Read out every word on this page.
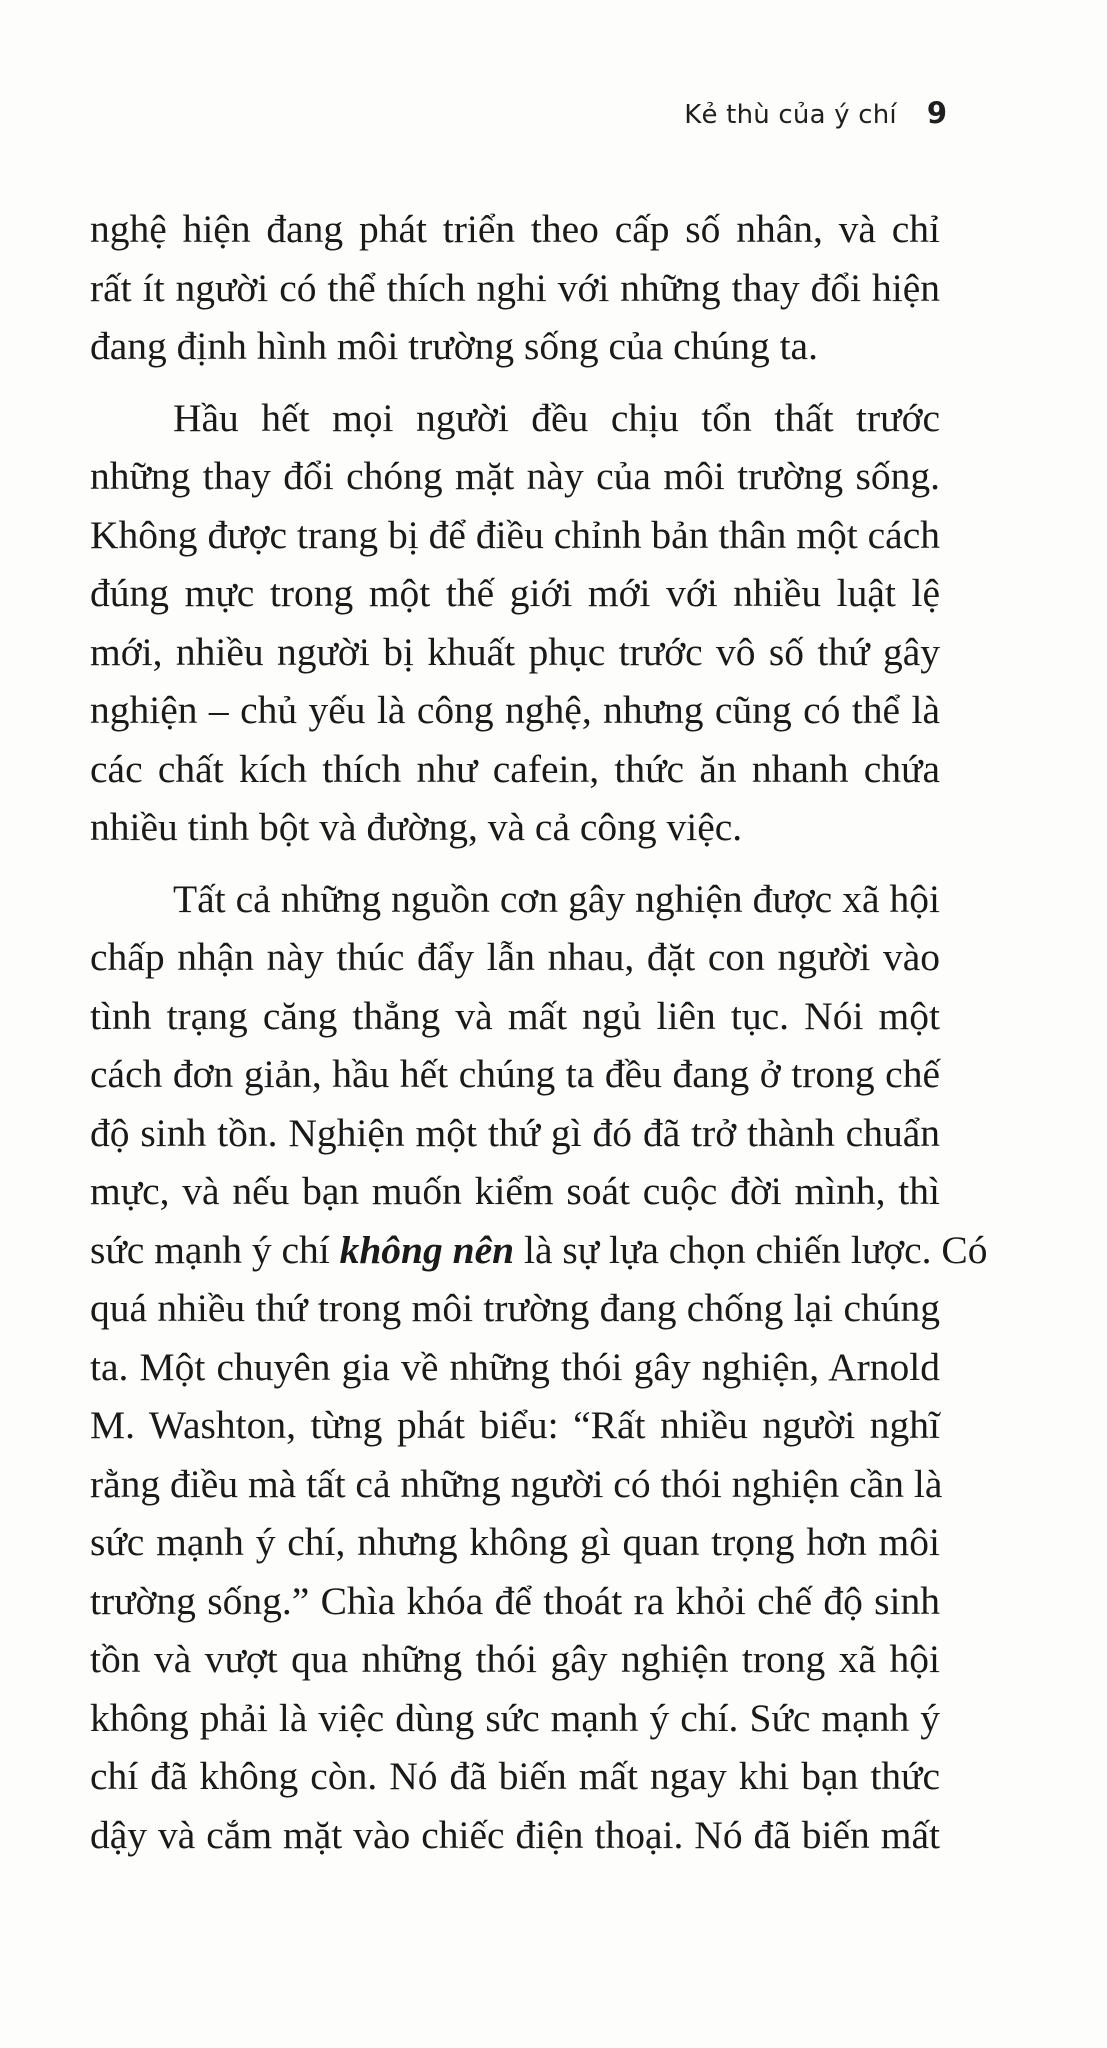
Kẻ thù của ý chí 9
nghệ hiện đang phát triển theo cấp số nhân, và chỉ
rất ít người có thể thích nghi với những thay đổi hiện
đang định hình môi trường sống của chúng ta.
Hầu hết mọi người đều chịu tổn thất trước
những thay đổi chóng mặt này của môi trường sống.
Không được trang bị để điều chỉnh bản thân một cách
đúng mực trong một thế giới mới với nhiều luật lệ
mới, nhiều người bị khuất phục trước vô số thứ gây
nghiện – chủ yếu là công nghệ, nhưng cũng có thể là
các chất kích thích như cafein, thức ăn nhanh chứa
nhiều tinh bột và đường, và cả công việc.
Tất cả những nguồn cơn gây nghiện được xã hội
chấp nhận này thúc đẩy lẫn nhau, đặt con người vào
tình trạng căng thẳng và mất ngủ liên tục. Nói một
cách đơn giản, hầu hết chúng ta đều đang ở trong chế
độ sinh tồn. Nghiện một thứ gì đó đã trở thành chuẩn
mực, và nếu bạn muốn kiểm soát cuộc đời mình, thì
sức mạnh ý chí không nên là sự lựa chọn chiến lược. Có
quá nhiều thứ trong môi trường đang chống lại chúng
ta. Một chuyên gia về những thói gây nghiện, Arnold
M. Washton, từng phát biểu: “Rất nhiều người nghĩ
rằng điều mà tất cả những người có thói nghiện cần là
sức mạnh ý chí, nhưng không gì quan trọng hơn môi
trường sống.” Chìa khóa để thoát ra khỏi chế độ sinh
tồn và vượt qua những thói gây nghiện trong xã hội
không phải là việc dùng sức mạnh ý chí. Sức mạnh ý
chí đã không còn. Nó đã biến mất ngay khi bạn thức
dậy và cắm mặt vào chiếc điện thoại. Nó đã biến mất
